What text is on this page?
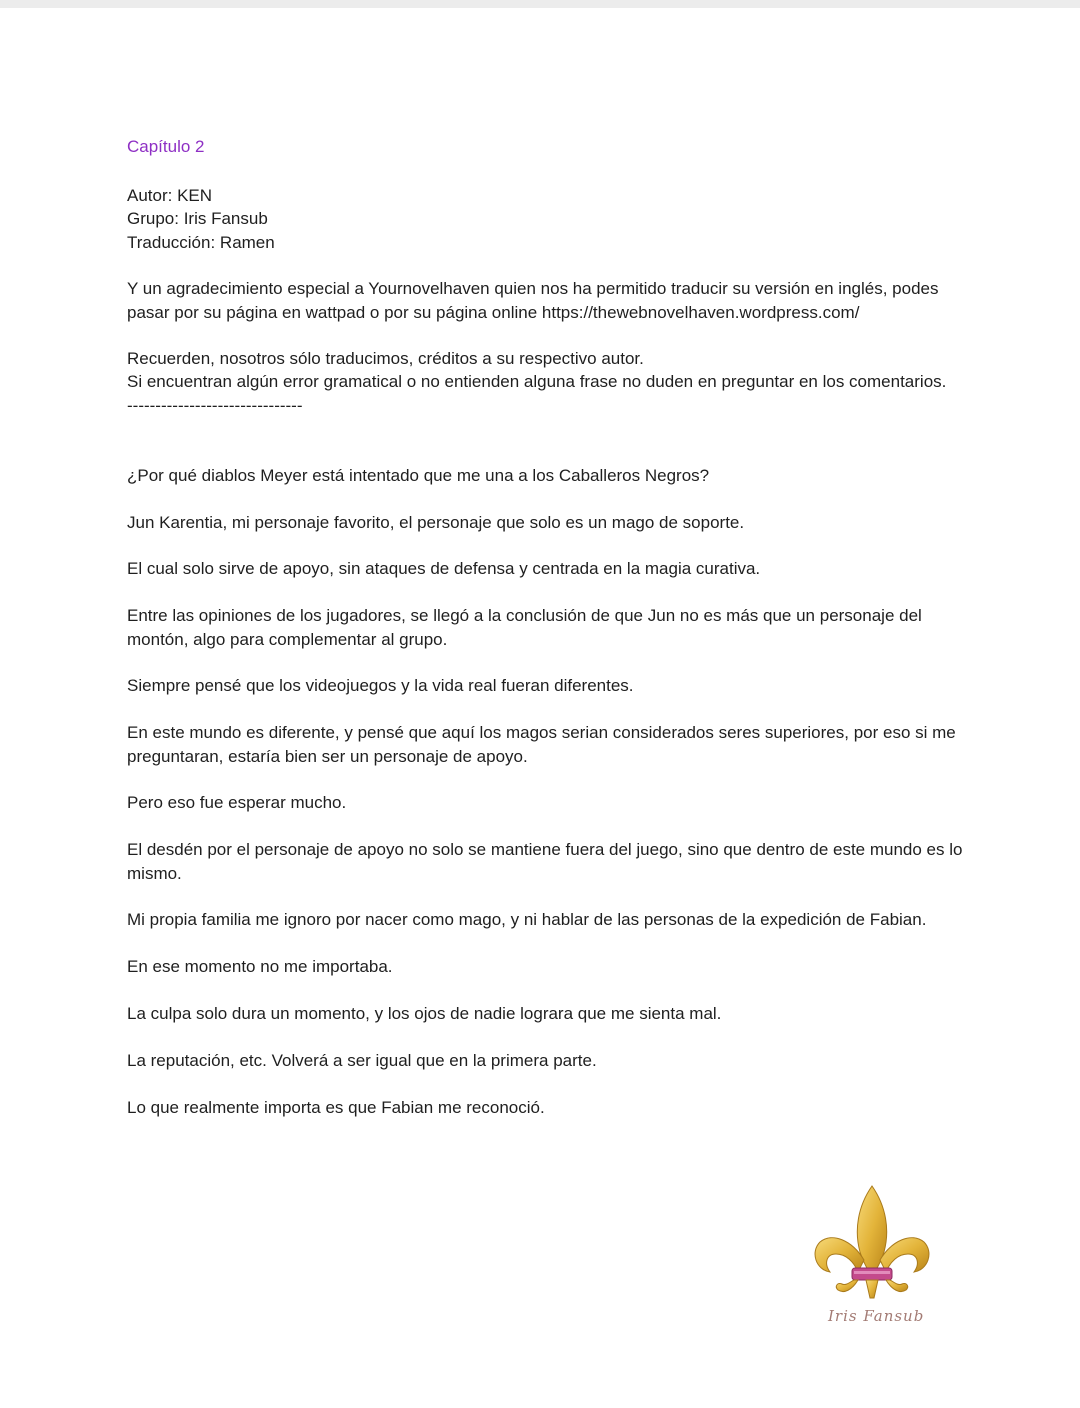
Capítulo 2

Autor: KEN

Grupo: Iris Fansub

Traducción: Ramen

Y un agradecimiento especial a Yournovelhaven quien nos ha permitido traducir su versión en inglés, podes pasar por su página en wattpad o por su página online https://thewebnovelhaven.wordpress.com/

Recuerden, nosotros sólo traducimos, créditos a su respectivo autor.

Si encuentran algún error gramatical o no entienden alguna frase no duden en preguntar en los comentarios.

-------------------------------

¿Por qué diablos Meyer está intentado que me una a los Caballeros Negros?

Jun Karentia, mi personaje favorito, el personaje que solo es un mago de soporte.

El cual solo sirve de apoyo, sin ataques de defensa y centrada en la magia curativa.

Entre las opiniones de los jugadores, se llegó a la conclusión de que Jun no es más que un personaje del montón, algo para complementar al grupo.

Siempre pensé que los videojuegos y la vida real fueran diferentes.

En este mundo es diferente, y pensé que aquí los magos serian considerados seres superiores, por eso si me preguntaran, estaría bien ser un personaje de apoyo.

Pero eso fue esperar mucho.

El desdén por el personaje de apoyo no solo se mantiene fuera del juego, sino que dentro de este mundo es lo mismo.

Mi propia familia me ignoro por nacer como mago, y ni hablar de las personas de la expedición de Fabian.

En ese momento no me importaba.

La culpa solo dura un momento, y los ojos de nadie lograra que me sienta mal.

La reputación, etc. Volverá a ser igual que en la primera parte.

Lo que realmente importa es que Fabian me reconoció.

Iris Fansub
